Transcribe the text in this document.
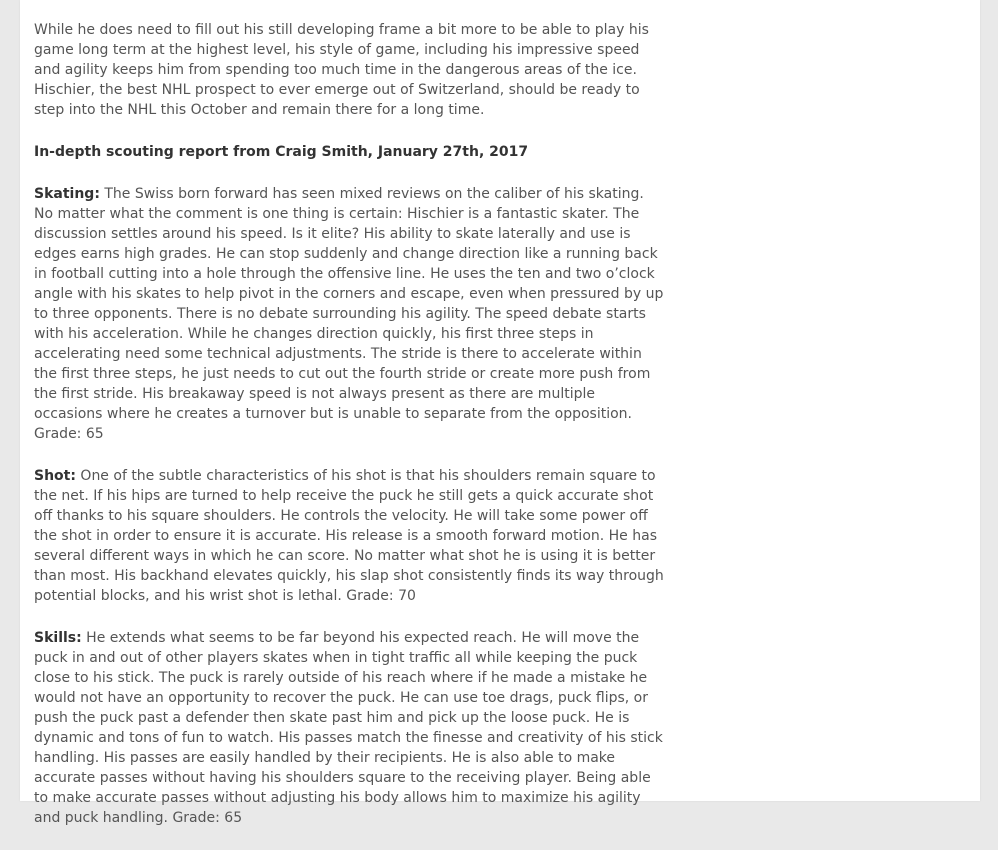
While he does need to fill out his still developing frame a bit more to be able to play his game long term at the highest level, his style of game, including his impressive speed and agility keeps him from spending too much time in the dangerous areas of the ice. Hischier, the best NHL prospect to ever emerge out of Switzerland, should be ready to step into the NHL this October and remain there for a long time.

In-depth scouting report from Craig Smith, January 27th, 2017

Skating: The Swiss born forward has seen mixed reviews on the caliber of his skating. No matter what the comment is one thing is certain: Hischier is a fantastic skater. The discussion settles around his speed. Is it elite? His ability to skate laterally and use is edges earns high grades. He can stop suddenly and change direction like a running back in football cutting into a hole through the offensive line. He uses the ten and two o’clock angle with his skates to help pivot in the corners and escape, even when pressured by up to three opponents. There is no debate surrounding his agility. The speed debate starts with his acceleration. While he changes direction quickly, his first three steps in accelerating need some technical adjustments. The stride is there to accelerate within the first three steps, he just needs to cut out the fourth stride or create more push from the first stride. His breakaway speed is not always present as there are multiple occasions where he creates a turnover but is unable to separate from the opposition. Grade: 65

Shot: One of the subtle characteristics of his shot is that his shoulders remain square to the net. If his hips are turned to help receive the puck he still gets a quick accurate shot off thanks to his square shoulders. He controls the velocity. He will take some power off the shot in order to ensure it is accurate. His release is a smooth forward motion. He has several different ways in which he can score. No matter what shot he is using it is better than most. His backhand elevates quickly, his slap shot consistently finds its way through potential blocks, and his wrist shot is lethal. Grade: 70

Skills: He extends what seems to be far beyond his expected reach. He will move the puck in and out of other players skates when in tight traffic all while keeping the puck close to his stick. The puck is rarely outside of his reach where if he made a mistake he would not have an opportunity to recover the puck. He can use toe drags, puck flips, or push the puck past a defender then skate past him and pick up the loose puck. He is dynamic and tons of fun to watch. His passes match the finesse and creativity of his stick handling. His passes are easily handled by their recipients. He is also able to make accurate passes without having his shoulders square to the receiving player. Being able to make accurate passes without adjusting his body allows him to maximize his agility and puck handling. Grade: 65
